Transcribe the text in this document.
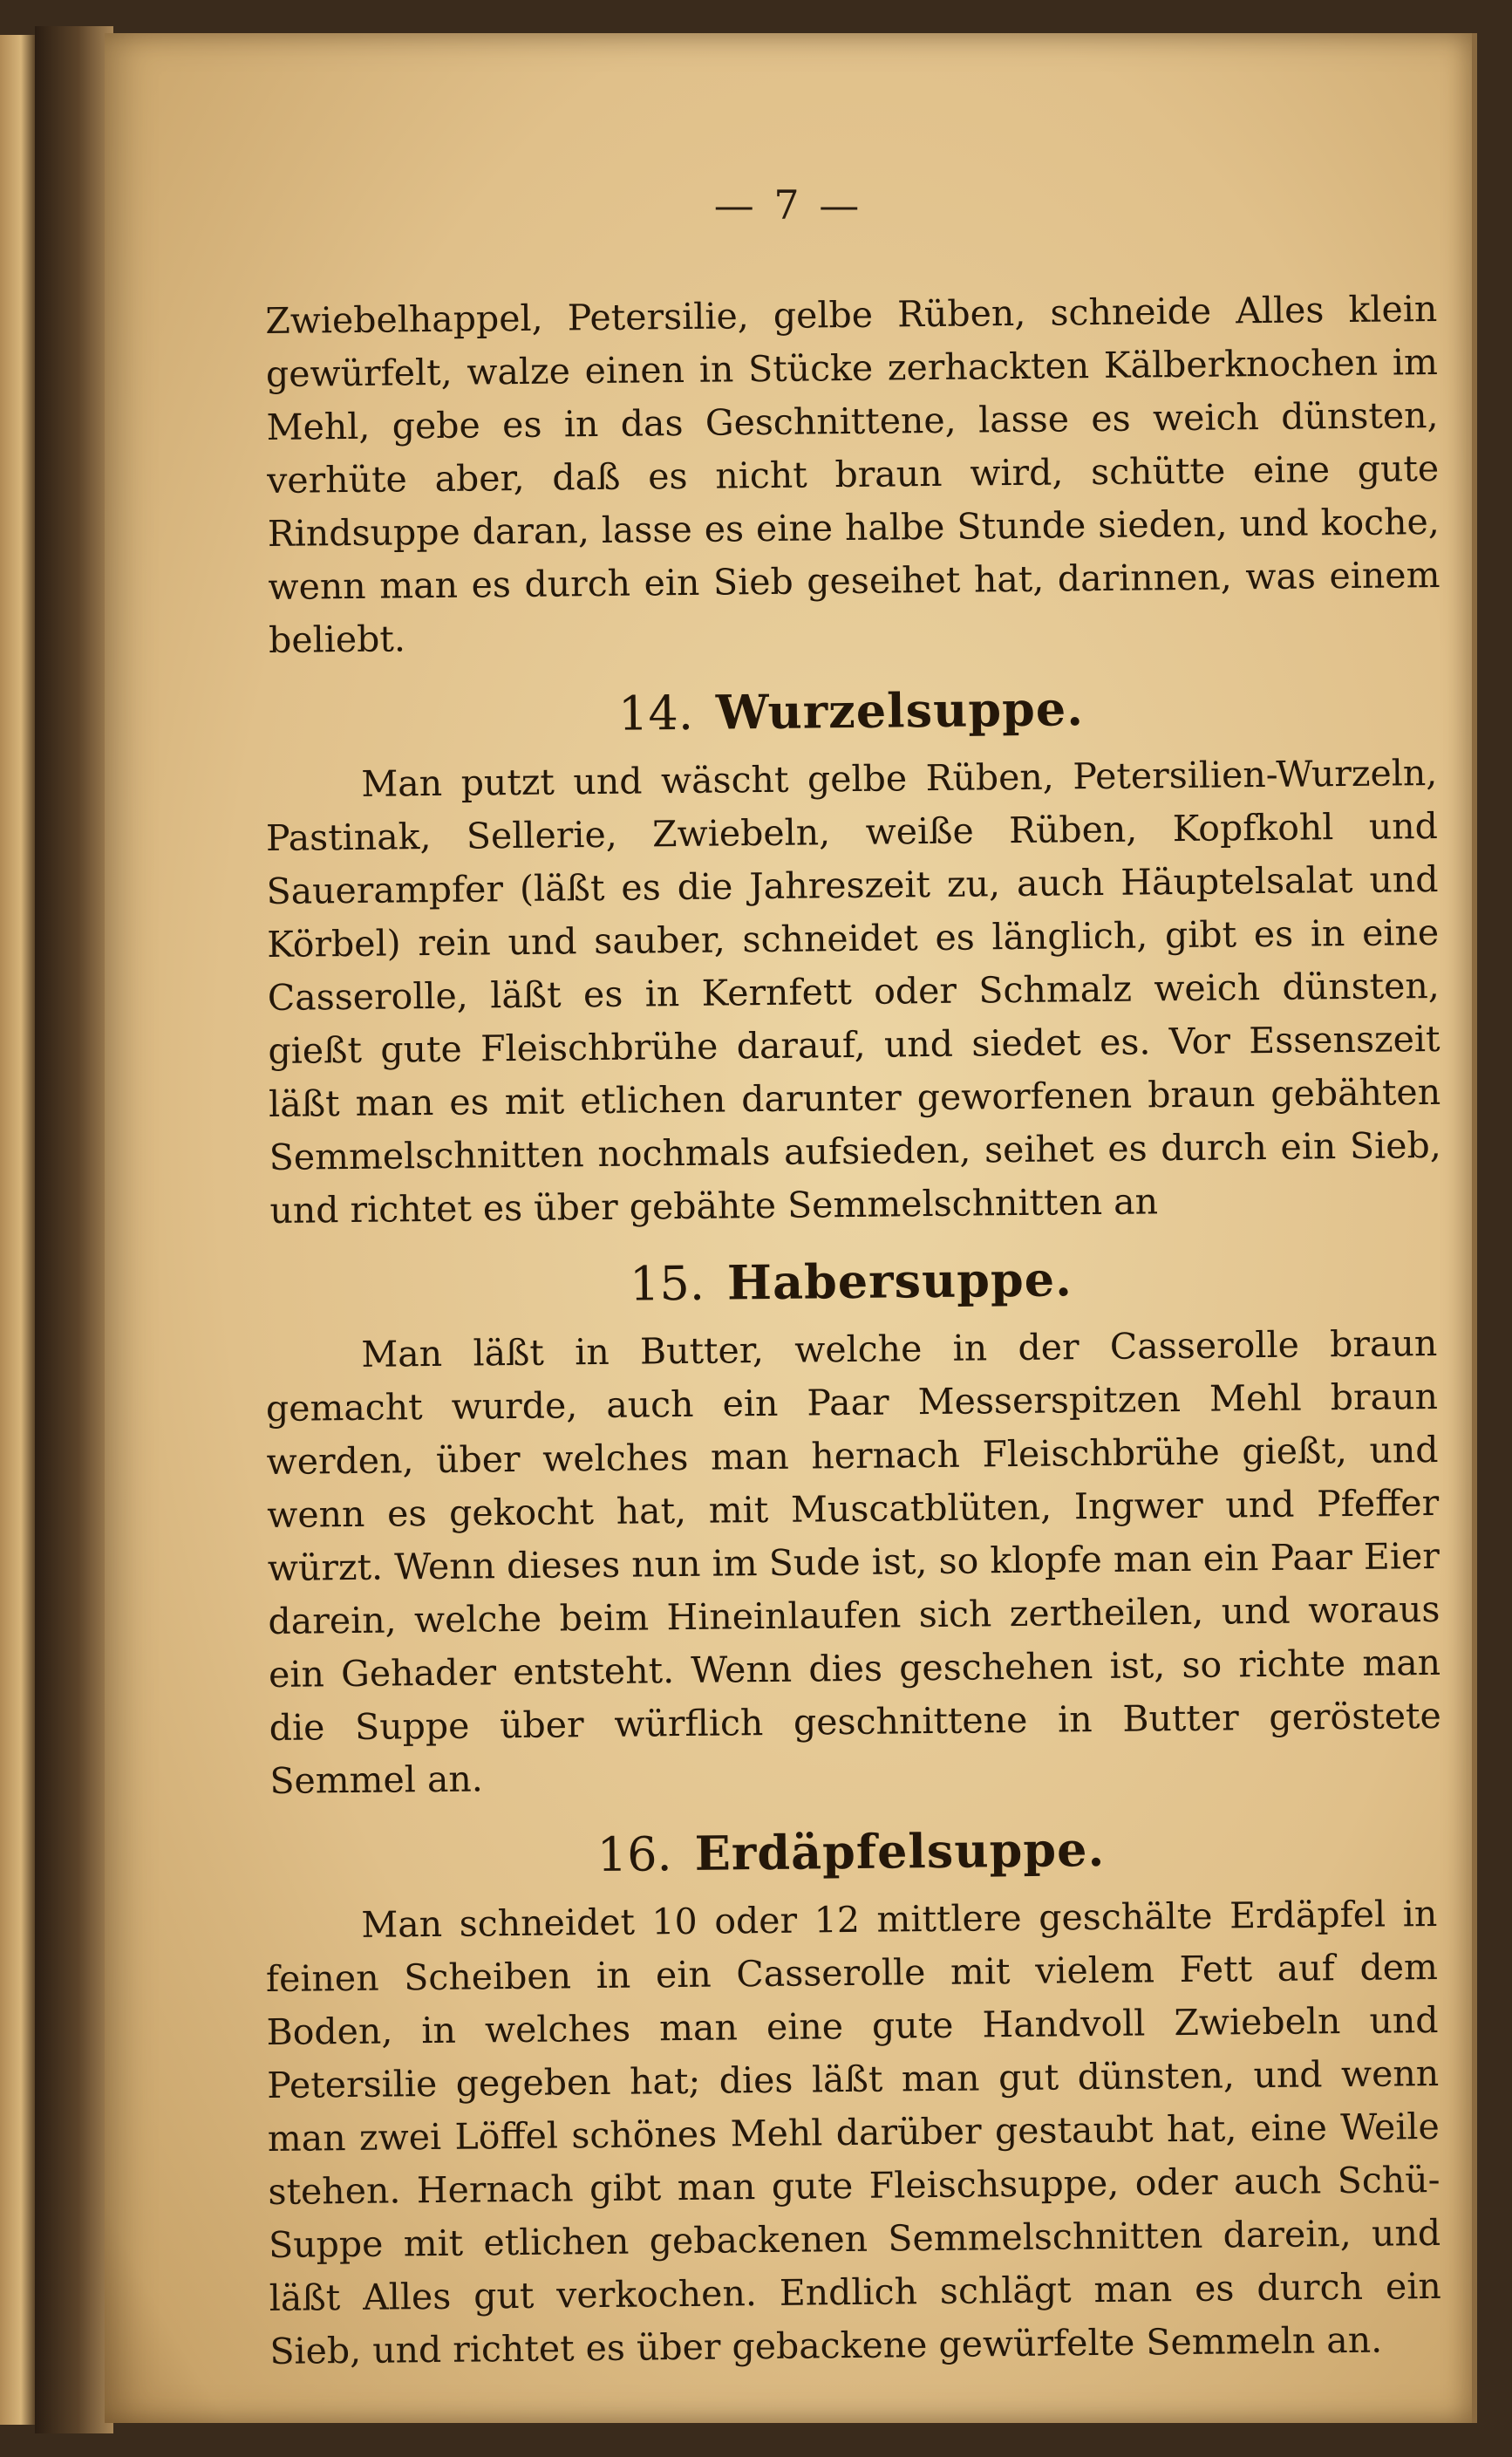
— 7 —

Zwiebelhappel, Petersilie, gelbe Rüben, schneide Alles klein gewürfelt, walze einen in Stücke zerhackten Kälberknochen im Mehl, gebe es in das Geschnittene, lasse es weich dünsten, verhüte aber, daß es nicht braun wird, schütte eine gute Rindsuppe daran, lasse es eine halbe Stunde sieden, und koche, wenn man es durch ein Sieb geseihet hat, darinnen, was einem beliebt.

14. Wurzelsuppe.

Man putzt und wäscht gelbe Rüben, Petersilien-Wurzeln, Pastinak, Sellerie, Zwiebeln, weiße Rüben, Kopfkohl und Sauerampfer (läßt es die Jahreszeit zu, auch Häuptelsalat und Körbel) rein und sauber, schneidet es länglich, gibt es in eine Casserolle, läßt es in Kernfett oder Schmalz weich dünsten, gießt gute Fleischbrühe darauf, und siedet es. Vor Essenszeit läßt man es mit etlichen darunter geworfenen braun gebähten Semmelschnitten nochmals aufsieden, seihet es durch ein Sieb, und richtet es über gebähte Semmelschnitten an

15. Habersuppe.

Man läßt in Butter, welche in der Casserolle braun gemacht wurde, auch ein Paar Messerspitzen Mehl braun werden, über welches man hernach Fleischbrühe gießt, und wenn es gekocht hat, mit Muscatblüten, Ingwer und Pfeffer würzt. Wenn dieses nun im Sude ist, so klopfe man ein Paar Eier darein, welche beim Hineinlaufen sich zertheilen, und woraus ein Gehader entsteht. Wenn dies geschehen ist, so richte man die Suppe über würflich geschnittene in Butter geröstete Semmel an.

16. Erdäpfelsuppe.

Man schneidet 10 oder 12 mittlere geschälte Erdäpfel in feinen Scheiben in ein Casserolle mit vielem Fett auf dem Boden, in welches man eine gute Handvoll Zwiebeln und Petersilie gegeben hat; dies läßt man gut dünsten, und wenn man zwei Löffel schönes Mehl darüber gestaubt hat, eine Weile stehen. Hernach gibt man gute Fleischsuppe, oder auch Schü-Suppe mit etlichen gebackenen Semmelschnitten darein, und läßt Alles gut verkochen. Endlich schlägt man es durch ein Sieb, und richtet es über gebackene gewürfelte Semmeln an.
